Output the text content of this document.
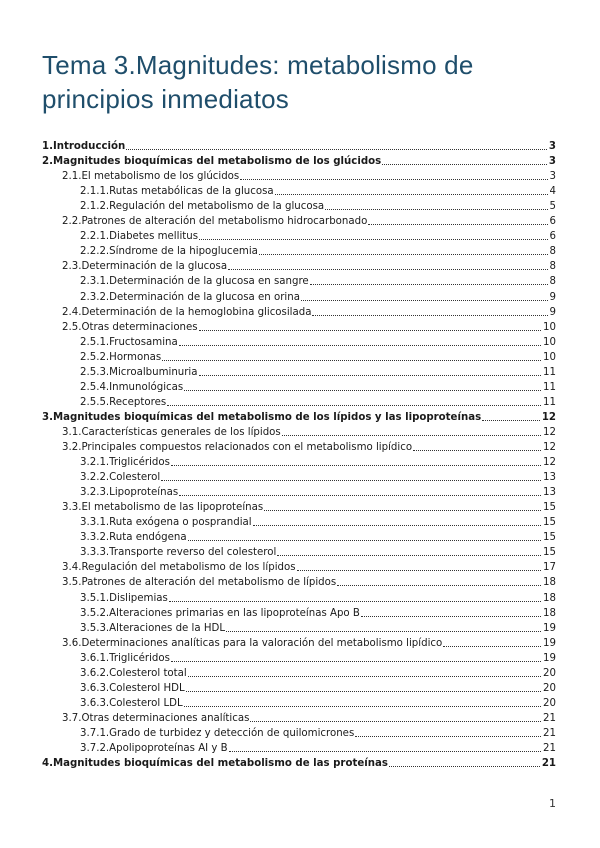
Tema 3.Magnitudes: metabolismo de principios inmediatos
1.Introducción	3
2.Magnitudes bioquímicas del metabolismo de los glúcidos	3
2.1.El metabolismo de los glúcidos	3
2.1.1.Rutas metabólicas de la glucosa	4
2.1.2.Regulación del metabolismo de la glucosa	5
2.2.Patrones de alteración del metabolismo hidrocarbonado	6
2.2.1.Diabetes mellitus	6
2.2.2.Síndrome de la hipoglucemia	8
2.3.Determinación de la glucosa	8
2.3.1.Determinación de la glucosa en sangre	8
2.3.2.Determinación de la glucosa en orina	9
2.4.Determinación de la hemoglobina glicosilada	9
2.5.Otras determinaciones	10
2.5.1.Fructosamina	10
2.5.2.Hormonas	10
2.5.3.Microalbuminuria	11
2.5.4.Inmunológicas	11
2.5.5.Receptores	11
3.Magnitudes bioquímicas del metabolismo de los lípidos y las lipoproteínas	12
3.1.Características generales de los lípidos	12
3.2.Principales compuestos relacionados con el metabolismo lipídico	12
3.2.1.Triglicéridos	12
3.2.2.Colesterol	13
3.2.3.Lipoproteínas	13
3.3.El metabolismo de las lipoproteínas	15
3.3.1.Ruta exógena o posprandial	15
3.3.2.Ruta endógena	15
3.3.3.Transporte reverso del colesterol	15
3.4.Regulación del metabolismo de los lípidos	17
3.5.Patrones de alteración del metabolismo de lípidos	18
3.5.1.Dislipemias	18
3.5.2.Alteraciones primarias en las lipoproteínas Apo B	18
3.5.3.Alteraciones de la HDL	19
3.6.Determinaciones analíticas para la valoración del metabolismo lipídico	19
3.6.1.Triglicéridos	19
3.6.2.Colesterol total	20
3.6.3.Colesterol HDL	20
3.6.3.Colesterol LDL	20
3.7.Otras determinaciones analíticas	21
3.7.1.Grado de turbidez y detección de quilomicrones	21
3.7.2.Apolipoproteínas AI y B	21
4.Magnitudes bioquímicas del metabolismo de las proteínas	21
1
